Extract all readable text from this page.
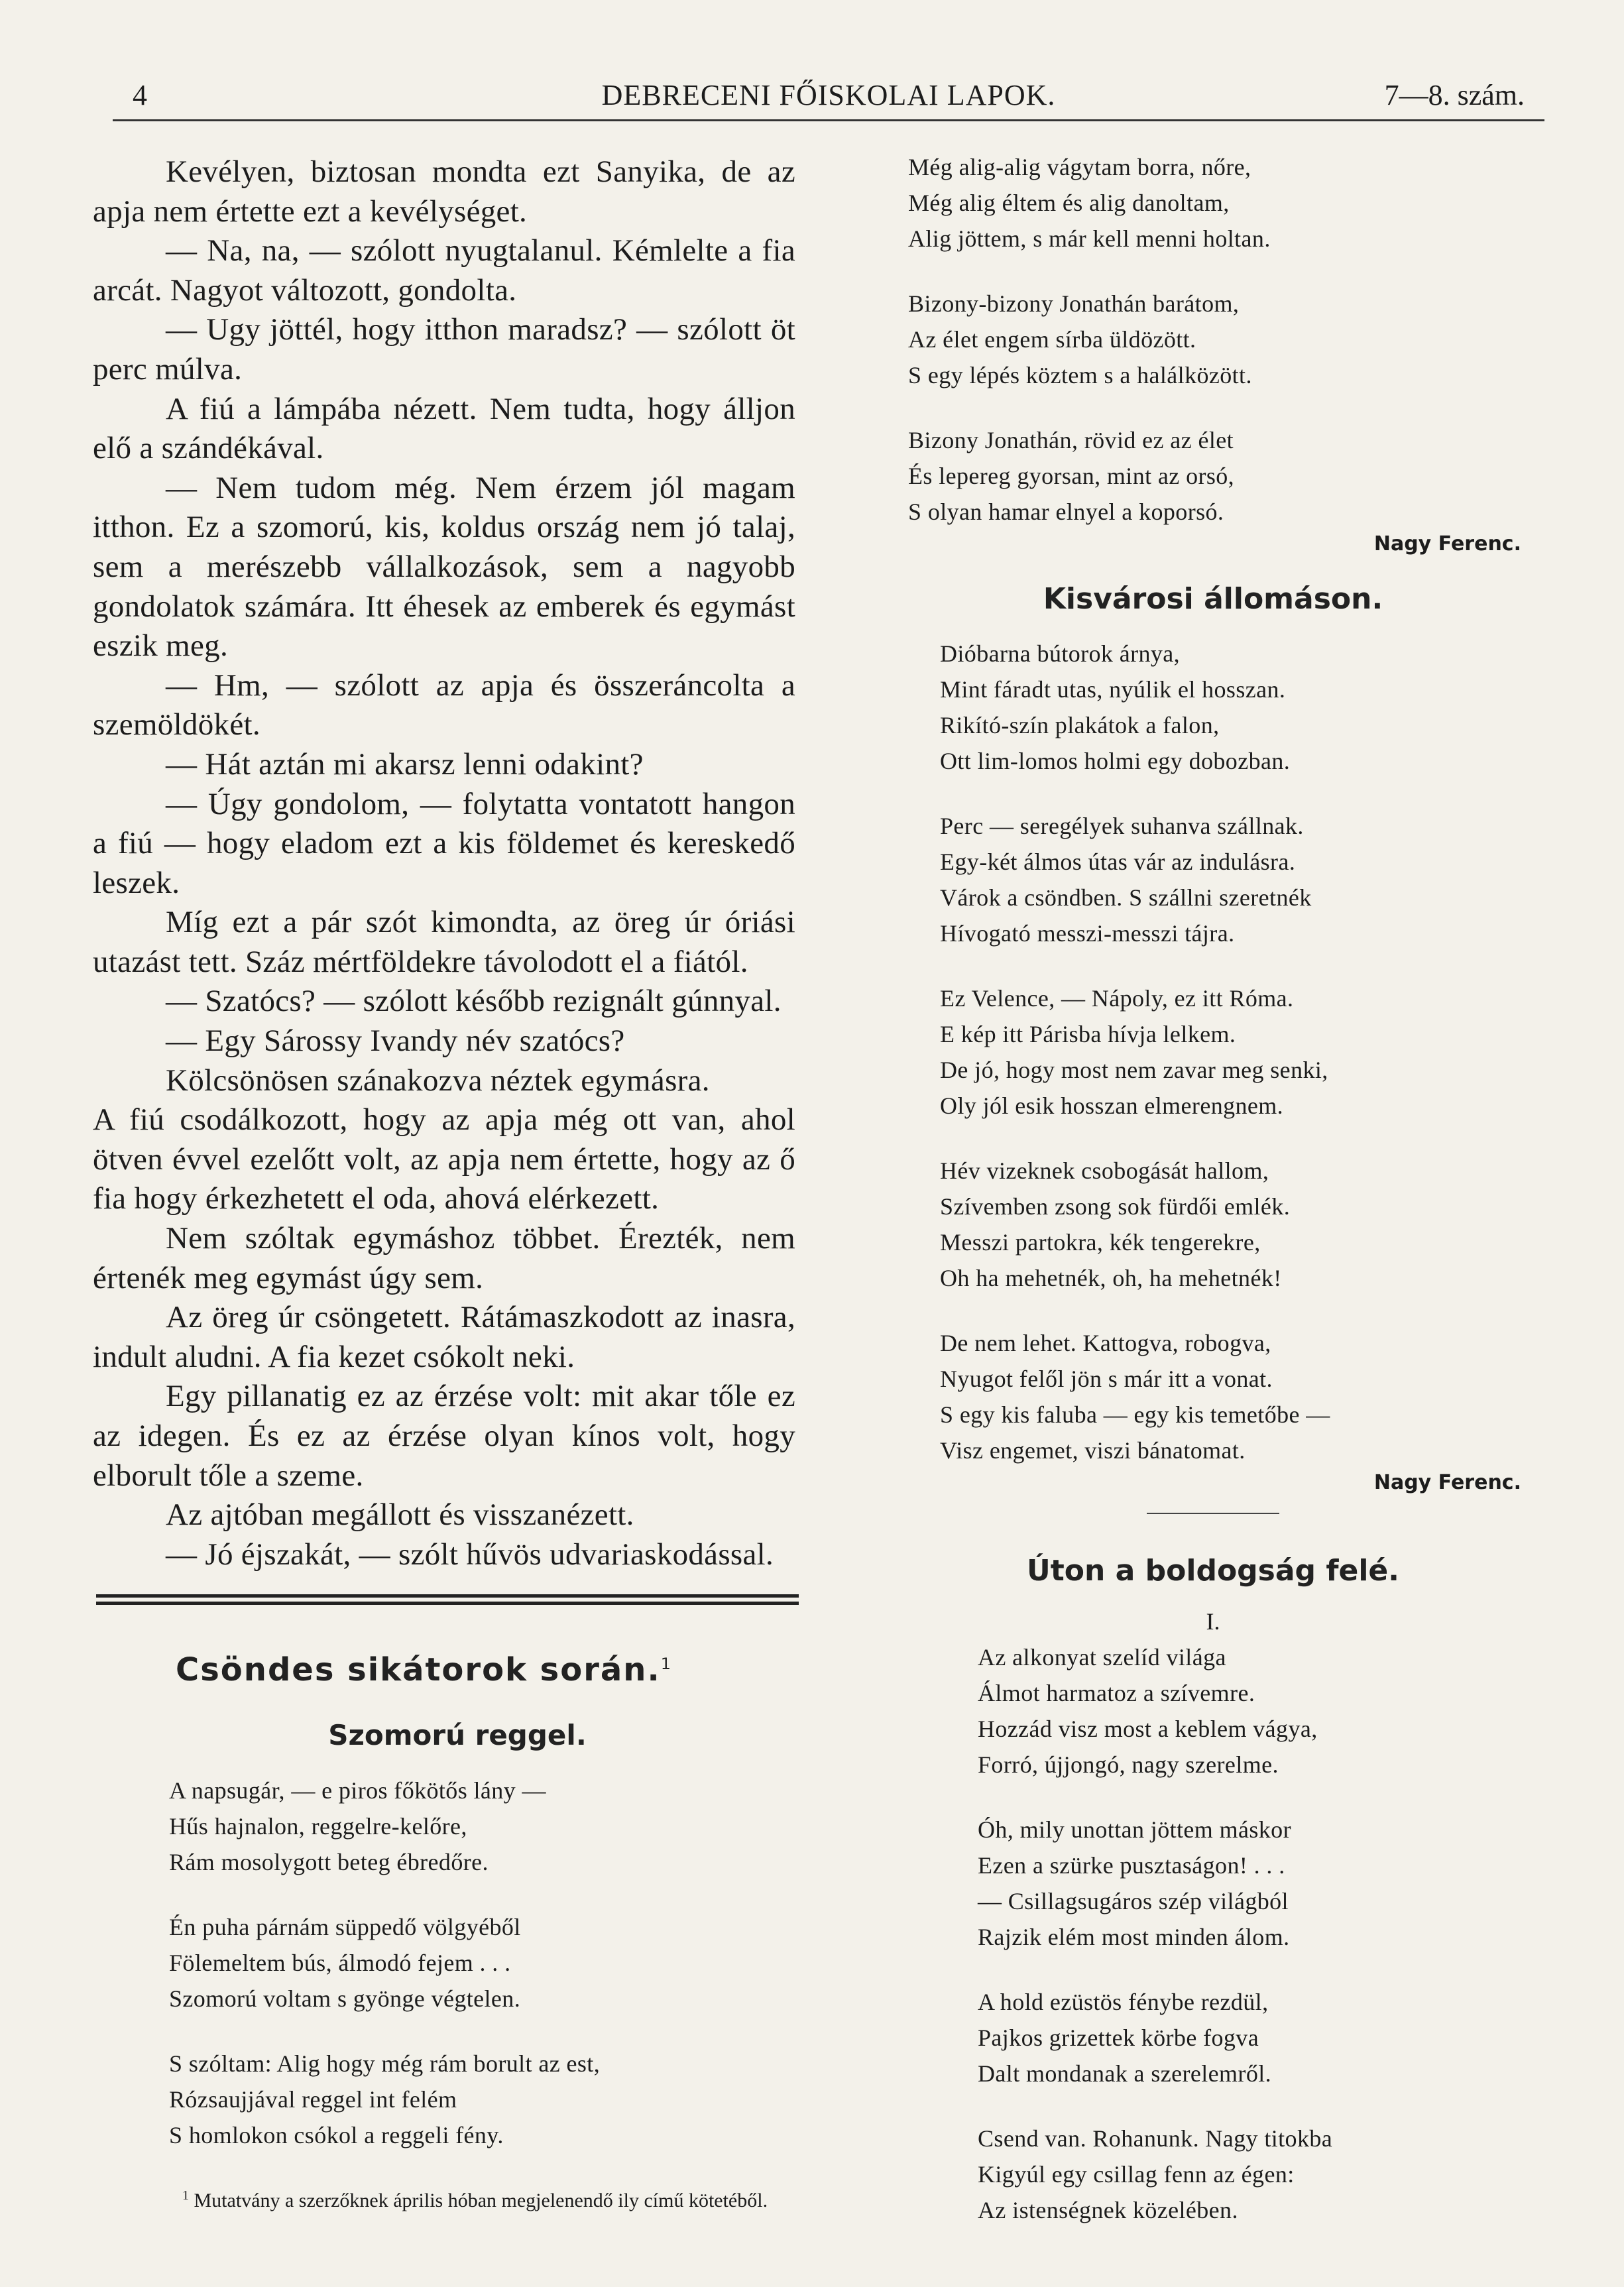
4	DEBRECENI FŐISKOLAI LAPOK.	7—8. szám.

Kevélyen, biztosan mondta ezt Sanyika, de az apja nem értette ezt a kevélységet.

— Na, na, — szólott nyugtalanul. Kémlelte a fia arcát. Nagyot változott, gondolta.

— Ugy jöttél, hogy itthon maradsz? — szólott öt perc múlva.

A fiú a lámpába nézett. Nem tudta, hogy álljon elő a szándékával.

— Nem tudom még. Nem érzem jól magam itthon. Ez a szomorú, kis, koldus ország nem jó talaj, sem a merészebb vállalkozások, sem a nagyobb gondolatok számára. Itt éhesek az emberek és egymást eszik meg.

— Hm, — szólott az apja és összeráncolta a szemöldökét.

— Hát aztán mi akarsz lenni odakint?

— Úgy gondolom, — folytatta vontatott hangon a fiú — hogy eladom ezt a kis földemet és kereskedő leszek.

Míg ezt a pár szót kimondta, az öreg úr óriási utazást tett. Száz mértföldekre távolodott el a fiától.

— Szatócs? — szólott később rezignált gúnnyal.

— Egy Sárossy Ivandy név szatócs?

Kölcsönösen szánakozva néztek egymásra.

A fiú csodálkozott, hogy az apja még ott van, ahol ötven évvel ezelőtt volt, az apja nem értette, hogy az ő fia hogy érkezhetett el oda, ahová elérkezett.

Nem szóltak egymáshoz többet. Érezték, nem értenék meg egymást úgy sem.

Az öreg úr csöngetett. Rátámaszkodott az inasra, indult aludni. A fia kezet csókolt neki.

Egy pillanatig ez az érzése volt: mit akar tőle ez az idegen. És ez az érzése olyan kínos volt, hogy elborult tőle a szeme.

Az ajtóban megállott és visszanézett.

— Jó éjszakát, — szólt hűvös udvariaskodással.

Csöndes sikátorok során.$^1$
Szomorú reggel.
A napsugár, — e piros főkötős lány —
Hűs hajnalon, reggelre-kelőre,
Rám mosolygott beteg ébredőre.
Én puha párnám süppedő völgyéből
Fölemeltem bús, álmodó fejem . . .
Szomorú voltam s gyönge végtelen.
S szóltam: Alig hogy még rám borult az est,
Rózsaujjával reggel int felém
S homlokon csókol a reggeli fény.
$^1$ Mutatvány a szerzőknek április hóban megjelenendő ily című kötetéből.
Még alig-alig vágytam borra, nőre,
Még alig éltem és alig danoltam,
Alig jöttem, s már kell menni holtan.
Bizony-bizony Jonathán barátom,
Az élet engem sírba üldözött.
S egy lépés köztem s a halálközött.
Bizony Jonathán, rövid ez az élet
És lepereg gyorsan, mint az orsó,
S olyan hamar elnyel a koporsó.
Nagy Ferenc.
Kisvárosi állomáson.
Dióbarna bútorok árnya,
Mint fáradt utas, nyúlik el hosszan.
Rikító-szín plakátok a falon,
Ott lim-lomos holmi egy dobozban.
Perc — seregélyek suhanva szállnak.
Egy-két álmos útas vár az indulásra.
Várok a csöndben. S szállni szeretnék
Hívogató messzi-messzi tájra.
Ez Velence, — Nápoly, ez itt Róma.
E kép itt Párisba hívja lelkem.
De jó, hogy most nem zavar meg senki,
Oly jól esik hosszan elmerengnem.
Hév vizeknek csobogását hallom,
Szívemben zsong sok fürdői emlék.
Messzi partokra, kék tengerekre,
Oh ha mehetnék, oh, ha mehetnék!
De nem lehet. Kattogva, robogva,
Nyugot felől jön s már itt a vonat.
S egy kis faluba — egy kis temetőbe —
Visz engemet, viszi bánatomat.
Nagy Ferenc.
Úton a boldogság felé.
I.
Az alkonyat szelíd világa
Álmot harmatoz a szívemre.
Hozzád visz most a keblem vágya,
Forró, újjongó, nagy szerelme.
Óh, mily unottan jöttem máskor
Ezen a szürke pusztaságon! . . .
— Csillagsugáros szép világból
Rajzik elém most minden álom.
A hold ezüstös fénybe rezdül,
Pajkos grizettek körbe fogva
Dalt mondanak a szerelemről.
Csend van. Rohanunk. Nagy titokba
Kigyúl egy csillag fenn az égen:
Az istenségnek közelében.
